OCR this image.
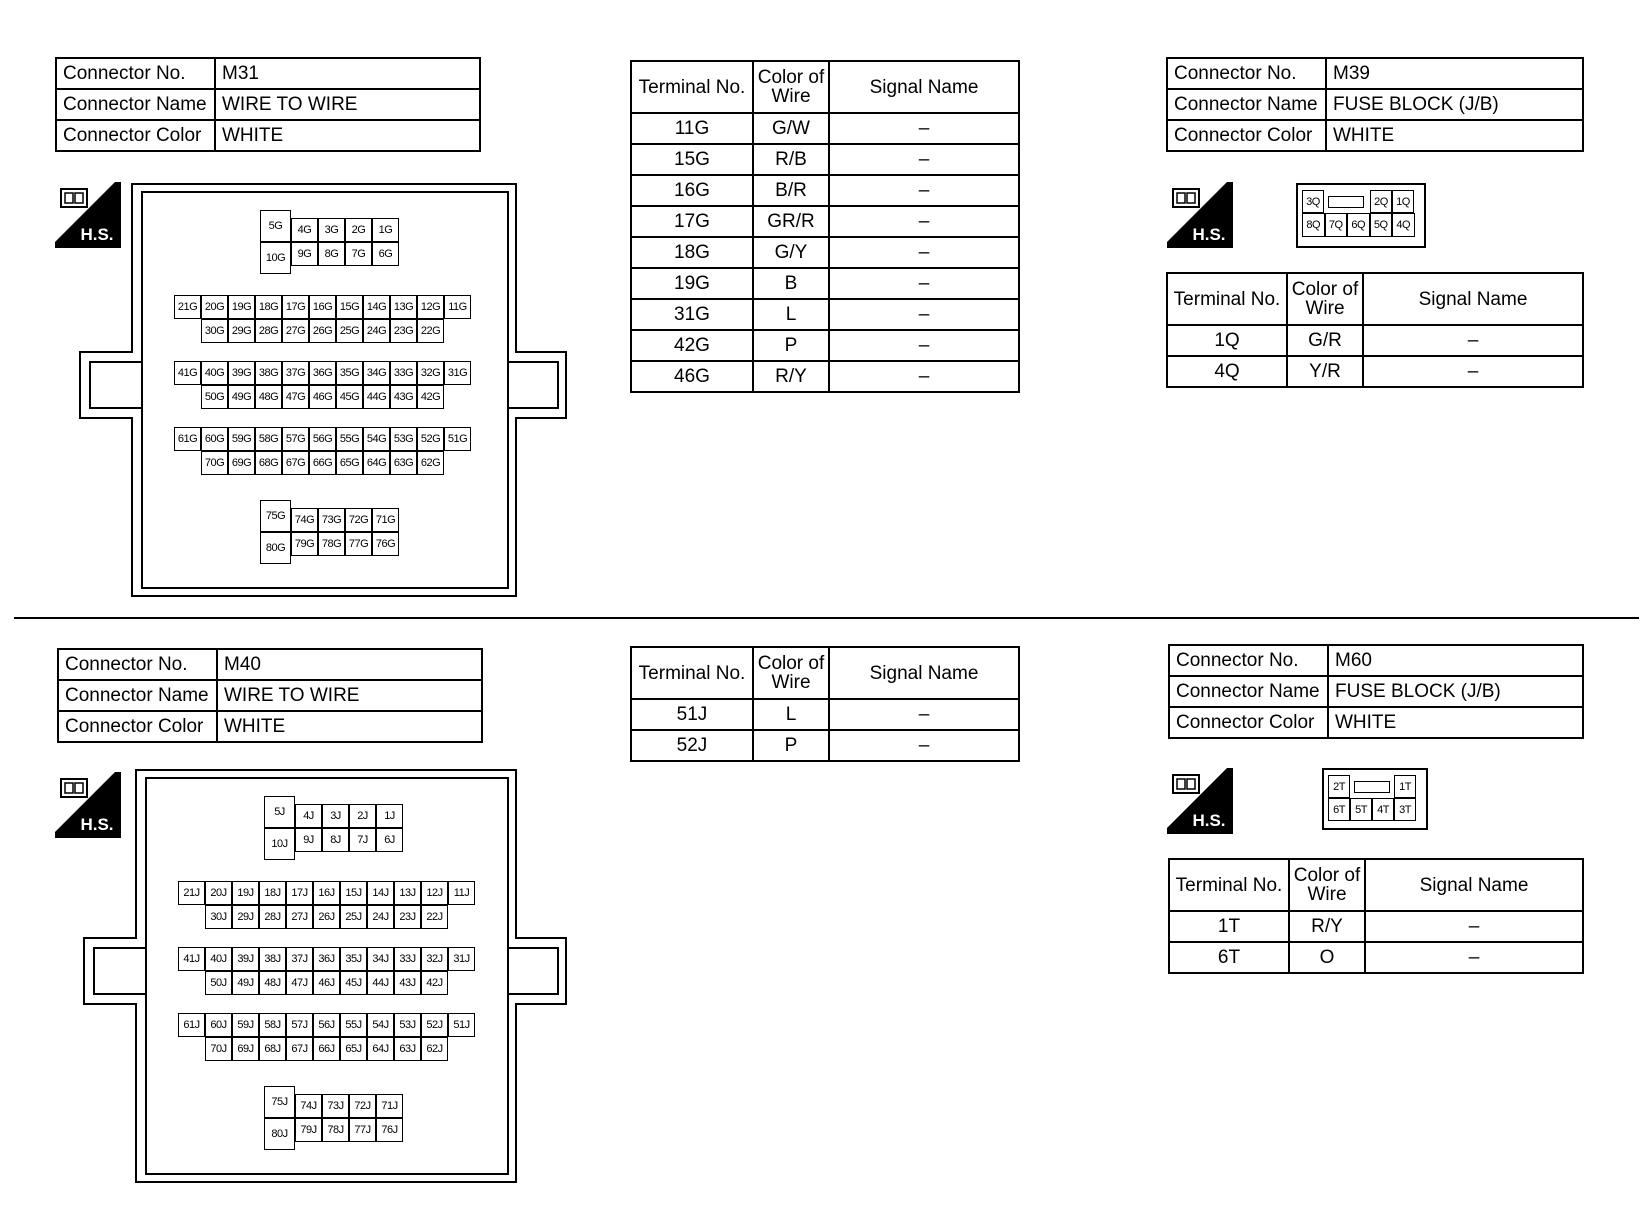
Connector No.	M31
Connector Name	WIRE TO WIRE
Connector Color	WHITE
Terminal No.	Color of Wire	Signal Name
11G	G/W	–
15G	R/B	–
16G	B/R	–
17G	GR/R	–
18G	G/Y	–
19G	B	–
31G	L	–
42G	P	–
46G	R/Y	–
Connector No.	M39
Connector Name	FUSE BLOCK (J/B)
Connector Color	WHITE
Terminal No.	Color of Wire	Signal Name
1Q	G/R	–
4Q	Y/R	–
Connector No.	M40
Connector Name	WIRE TO WIRE
Connector Color	WHITE
Terminal No.	Color of Wire	Signal Name
51J	L	–
52J	P	–
Connector No.	M60
Connector Name	FUSE BLOCK (J/B)
Connector Color	WHITE
Terminal No.	Color of Wire	Signal Name
1T	R/Y	–
6T	O	–
H.S.	H.S.
H.S.	H.S.
5G
10G
4G
9G
3G
8G
2G
7G
1G
6G
21G 20G 19G 18G 17G 16G 15G 14G 13G 12G 11G
30G 29G 28G 27G 26G 25G 24G 23G 22G
41G 40G 39G 38G 37G 36G 35G 34G 33G 32G 31G
50G 49G 48G 47G 46G 45G 44G 43G 42G
61G 60G 59G 58G 57G 56G 55G 54G 53G 52G 51G
70G 69G 68G 67G 66G 65G 64G 63G 62G
75G
80G
74G
79G
73G
78G
72G
77G
71G
76G
5J
10J
4J
9J
3J
8J
2J
7J
1J
6J
21J 20J 19J 18J 17J 16J 15J 14J 13J 12J	11J
30J 29J 28J 27J 26J 25J 24J 23J 22J
41J 40J 39J 38J 37J 36J 35J 34J 33J 32J 31J
50J 49J 48J 47J 46J 45J 44J 43J 42J
61J 60J 59J 58J 57J 56J 55J 54J 53J 52J 51J
70J 69J 68J 67J 66J 65J 64J 63J 62J
75J
80J
74J
79J
73J
78J
72J
77J
71J
76J
3Q	2Q 1Q
8Q 7Q 6Q 5Q 4Q
2T	1T
6T 5T 4T 3T
